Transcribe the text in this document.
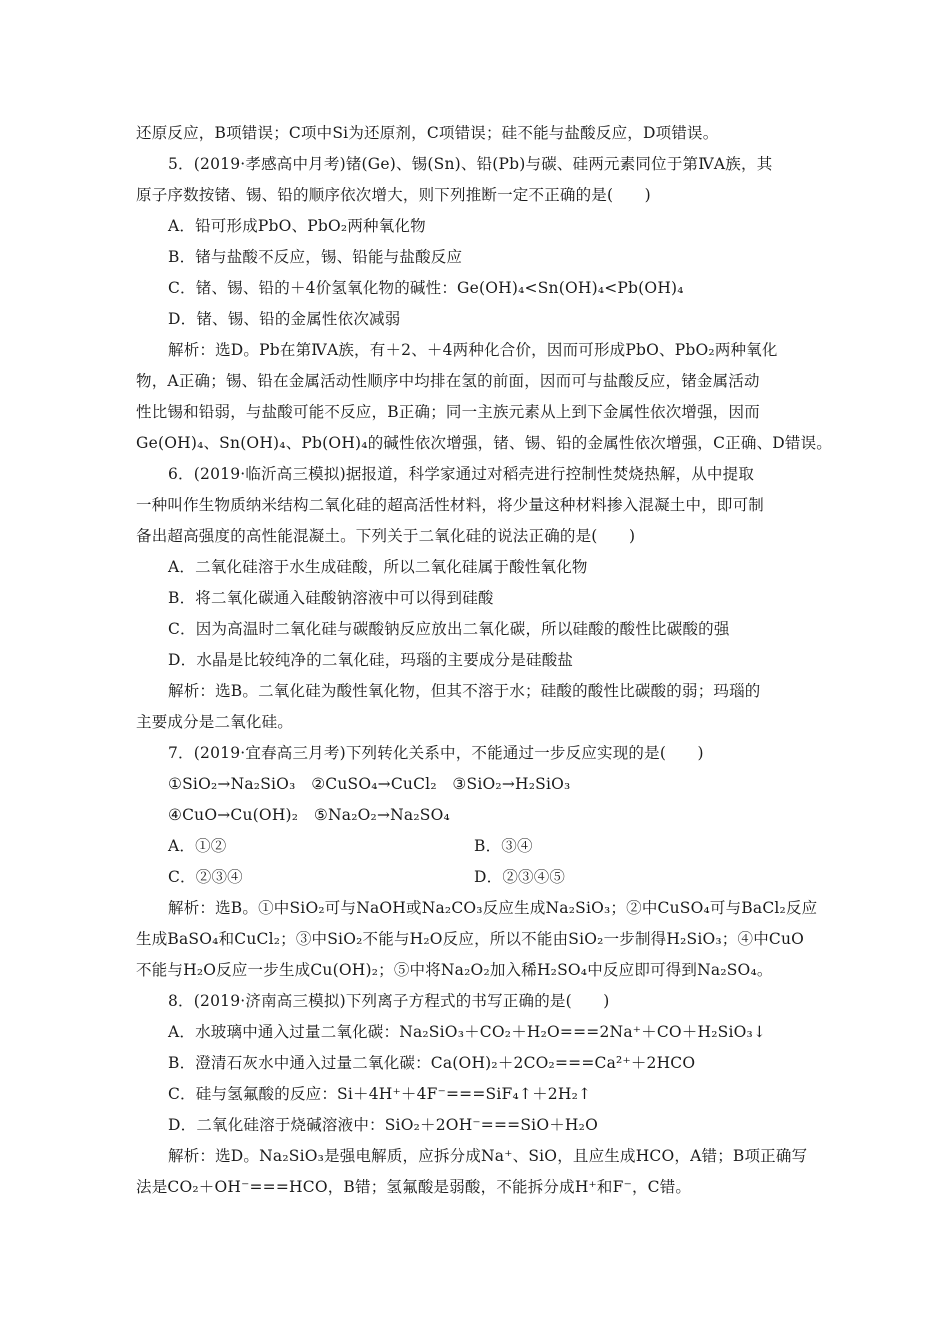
还原反应，B项错误；C项中Si为还原剂，C项错误；硅不能与盐酸反应，D项错误。
5．(2019·孝感高中月考)锗(Ge)、锡(Sn)、铅(Pb)与碳、硅两元素同位于第ⅣA族，其
原子序数按锗、锡、铅的顺序依次增大，则下列推断一定不正确的是(　　)
A．铅可形成PbO、PbO₂两种氧化物
B．锗与盐酸不反应，锡、铅能与盐酸反应
C．锗、锡、铅的＋4价氢氧化物的碱性：Ge(OH)₄<Sn(OH)₄<Pb(OH)₄
D．锗、锡、铅的金属性依次减弱
解析：选D。Pb在第ⅣA族，有＋2、＋4两种化合价，因而可形成PbO、PbO₂两种氧化
物，A正确；锡、铅在金属活动性顺序中均排在氢的前面，因而可与盐酸反应，锗金属活动
性比锡和铅弱，与盐酸可能不反应，B正确；同一主族元素从上到下金属性依次增强，因而
Ge(OH)₄、Sn(OH)₄、Pb(OH)₄的碱性依次增强，锗、锡、铅的金属性依次增强，C正确、D错误。
6．(2019·临沂高三模拟)据报道，科学家通过对稻壳进行控制性焚烧热解，从中提取
一种叫作生物质纳米结构二氧化硅的超高活性材料，将少量这种材料掺入混凝土中，即可制
备出超高强度的高性能混凝土。下列关于二氧化硅的说法正确的是(　　)
A．二氧化硅溶于水生成硅酸，所以二氧化硅属于酸性氧化物
B．将二氧化碳通入硅酸钠溶液中可以得到硅酸
C．因为高温时二氧化硅与碳酸钠反应放出二氧化碳，所以硅酸的酸性比碳酸的强
D．水晶是比较纯净的二氧化硅，玛瑙的主要成分是硅酸盐
解析：选B。二氧化硅为酸性氧化物，但其不溶于水；硅酸的酸性比碳酸的弱；玛瑙的
主要成分是二氧化硅。
7．(2019·宜春高三月考)下列转化关系中，不能通过一步反应实现的是(　　)
①SiO₂→Na₂SiO₃　②CuSO₄→CuCl₂　③SiO₂→H₂SiO₃
④CuO→Cu(OH)₂　⑤Na₂O₂→Na₂SO₄
A．①②	B．③④
C．②③④	D．②③④⑤
解析：选B。①中SiO₂可与NaOH或Na₂CO₃反应生成Na₂SiO₃；②中CuSO₄可与BaCl₂反应
生成BaSO₄和CuCl₂；③中SiO₂不能与H₂O反应，所以不能由SiO₂一步制得H₂SiO₃；④中CuO
不能与H₂O反应一步生成Cu(OH)₂；⑤中将Na₂O₂加入稀H₂SO₄中反应即可得到Na₂SO₄。
8．(2019·济南高三模拟)下列离子方程式的书写正确的是(　　)
A．水玻璃中通入过量二氧化碳：Na₂SiO₃＋CO₂＋H₂O===2Na⁺＋CO＋H₂SiO₃↓
B．澄清石灰水中通入过量二氧化碳：Ca(OH)₂＋2CO₂===Ca²⁺＋2HCO
C．硅与氢氟酸的反应：Si＋4H⁺＋4F⁻===SiF₄↑＋2H₂↑
D．二氧化硅溶于烧碱溶液中：SiO₂＋2OH⁻===SiO＋H₂O
解析：选D。Na₂SiO₃是强电解质，应拆分成Na⁺、SiO，且应生成HCO，A错；B项正确写
法是CO₂＋OH⁻===HCO，B错；氢氟酸是弱酸，不能拆分成H⁺和F⁻，C错。
